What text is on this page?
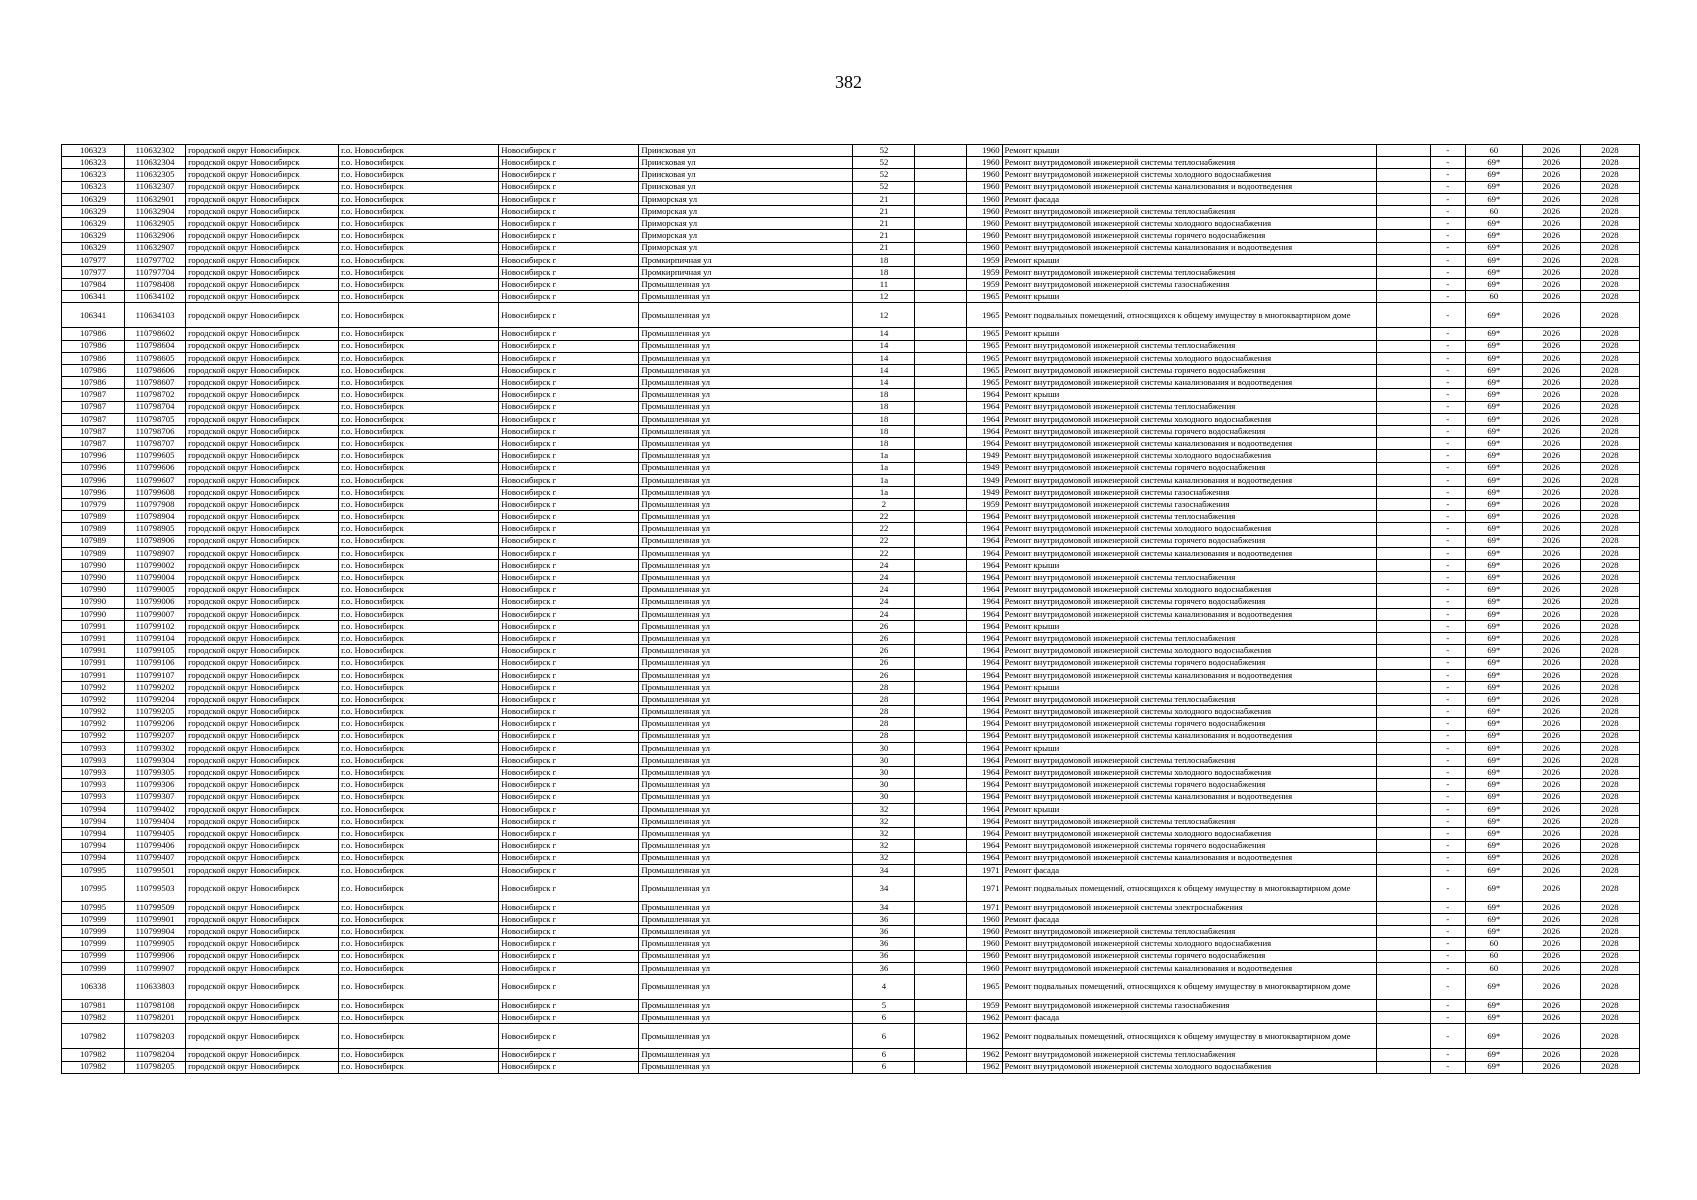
382
106323	110632302	городской округ Новосибирск	г.о. Новосибирск	Новосибирск г	Приисковая ул	52		1960	Ремонт крыши		-	60	2026	2028
106323	110632304	городской округ Новосибирск	г.о. Новосибирск	Новосибирск г	Приисковая ул	52		1960	Ремонт внутридомовой инженерной системы теплоснабжения		-	69*	2026	2028
106323	110632305	городской округ Новосибирск	г.о. Новосибирск	Новосибирск г	Приисковая ул	52		1960	Ремонт внутридомовой инженерной системы холодного водоснабжения		-	69*	2026	2028
106323	110632307	городской округ Новосибирск	г.о. Новосибирск	Новосибирск г	Приисковая ул	52		1960	Ремонт внутридомовой инженерной системы канализования и водоотведения		-	69*	2026	2028
106329	110632901	городской округ Новосибирск	г.о. Новосибирск	Новосибирск г	Приморская ул	21		1960	Ремонт фасада		-	69*	2026	2028
106329	110632904	городской округ Новосибирск	г.о. Новосибирск	Новосибирск г	Приморская ул	21		1960	Ремонт внутридомовой инженерной системы теплоснабжения		-	60	2026	2028
106329	110632905	городской округ Новосибирск	г.о. Новосибирск	Новосибирск г	Приморская ул	21		1960	Ремонт внутридомовой инженерной системы холодного водоснабжения		-	69*	2026	2028
106329	110632906	городской округ Новосибирск	г.о. Новосибирск	Новосибирск г	Приморская ул	21		1960	Ремонт внутридомовой инженерной системы горячего водоснабжения		-	69*	2026	2028
106329	110632907	городской округ Новосибирск	г.о. Новосибирск	Новосибирск г	Приморская ул	21		1960	Ремонт внутридомовой инженерной системы канализования и водоотведения		-	69*	2026	2028
107977	110797702	городской округ Новосибирск	г.о. Новосибирск	Новосибирск г	Промкирпичная ул	18		1959	Ремонт крыши		-	69*	2026	2028
107977	110797704	городской округ Новосибирск	г.о. Новосибирск	Новосибирск г	Промкирпичная ул	18		1959	Ремонт внутридомовой инженерной системы теплоснабжения		-	69*	2026	2028
107984	110798408	городской округ Новосибирск	г.о. Новосибирск	Новосибирск г	Промышленная ул	11		1959	Ремонт внутридомовой инженерной системы газоснабжения		-	69*	2026	2028
106341	110634102	городской округ Новосибирск	г.о. Новосибирск	Новосибирск г	Промышленная ул	12		1965	Ремонт крыши		-	60	2026	2028
106341	110634103	городской округ Новосибирск	г.о. Новосибирск	Новосибирск г	Промышленная ул	12		1965	Ремонт подвальных помещений, относящихся к общему имуществу в многоквартирном доме		-	69*	2026	2028
107986	110798602	городской округ Новосибирск	г.о. Новосибирск	Новосибирск г	Промышленная ул	14		1965	Ремонт крыши		-	69*	2026	2028
107986	110798604	городской округ Новосибирск	г.о. Новосибирск	Новосибирск г	Промышленная ул	14		1965	Ремонт внутридомовой инженерной системы теплоснабжения		-	69*	2026	2028
107986	110798605	городской округ Новосибирск	г.о. Новосибирск	Новосибирск г	Промышленная ул	14		1965	Ремонт внутридомовой инженерной системы холодного водоснабжения		-	69*	2026	2028
107986	110798606	городской округ Новосибирск	г.о. Новосибирск	Новосибирск г	Промышленная ул	14		1965	Ремонт внутридомовой инженерной системы горячего водоснабжения		-	69*	2026	2028
107986	110798607	городской округ Новосибирск	г.о. Новосибирск	Новосибирск г	Промышленная ул	14		1965	Ремонт внутридомовой инженерной системы канализования и водоотведения		-	69*	2026	2028
107987	110798702	городской округ Новосибирск	г.о. Новосибирск	Новосибирск г	Промышленная ул	18		1964	Ремонт крыши		-	69*	2026	2028
107987	110798704	городской округ Новосибирск	г.о. Новосибирск	Новосибирск г	Промышленная ул	18		1964	Ремонт внутридомовой инженерной системы теплоснабжения		-	69*	2026	2028
107987	110798705	городской округ Новосибирск	г.о. Новосибирск	Новосибирск г	Промышленная ул	18		1964	Ремонт внутридомовой инженерной системы холодного водоснабжения		-	69*	2026	2028
107987	110798706	городской округ Новосибирск	г.о. Новосибирск	Новосибирск г	Промышленная ул	18		1964	Ремонт внутридомовой инженерной системы горячего водоснабжения		-	69*	2026	2028
107987	110798707	городской округ Новосибирск	г.о. Новосибирск	Новосибирск г	Промышленная ул	18		1964	Ремонт внутридомовой инженерной системы канализования и водоотведения		-	69*	2026	2028
107996	110799605	городской округ Новосибирск	г.о. Новосибирск	Новосибирск г	Промышленная ул	1а		1949	Ремонт внутридомовой инженерной системы холодного водоснабжения		-	69*	2026	2028
107996	110799606	городской округ Новосибирск	г.о. Новосибирск	Новосибирск г	Промышленная ул	1а		1949	Ремонт внутридомовой инженерной системы горячего водоснабжения		-	69*	2026	2028
107996	110799607	городской округ Новосибирск	г.о. Новосибирск	Новосибирск г	Промышленная ул	1а		1949	Ремонт внутридомовой инженерной системы канализования и водоотведения		-	69*	2026	2028
107996	110799608	городской округ Новосибирск	г.о. Новосибирск	Новосибирск г	Промышленная ул	1а		1949	Ремонт внутридомовой инженерной системы газоснабжения		-	69*	2026	2028
107979	110797908	городской округ Новосибирск	г.о. Новосибирск	Новосибирск г	Промышленная ул	2		1959	Ремонт внутридомовой инженерной системы газоснабжения		-	69*	2026	2028
107989	110798904	городской округ Новосибирск	г.о. Новосибирск	Новосибирск г	Промышленная ул	22		1964	Ремонт внутридомовой инженерной системы теплоснабжения		-	69*	2026	2028
107989	110798905	городской округ Новосибирск	г.о. Новосибирск	Новосибирск г	Промышленная ул	22		1964	Ремонт внутридомовой инженерной системы холодного водоснабжения		-	69*	2026	2028
107989	110798906	городской округ Новосибирск	г.о. Новосибирск	Новосибирск г	Промышленная ул	22		1964	Ремонт внутридомовой инженерной системы горячего водоснабжения		-	69*	2026	2028
107989	110798907	городской округ Новосибирск	г.о. Новосибирск	Новосибирск г	Промышленная ул	22		1964	Ремонт внутридомовой инженерной системы канализования и водоотведения		-	69*	2026	2028
107990	110799002	городской округ Новосибирск	г.о. Новосибирск	Новосибирск г	Промышленная ул	24		1964	Ремонт крыши		-	69*	2026	2028
107990	110799004	городской округ Новосибирск	г.о. Новосибирск	Новосибирск г	Промышленная ул	24		1964	Ремонт внутридомовой инженерной системы теплоснабжения		-	69*	2026	2028
107990	110799005	городской округ Новосибирск	г.о. Новосибирск	Новосибирск г	Промышленная ул	24		1964	Ремонт внутридомовой инженерной системы холодного водоснабжения		-	69*	2026	2028
107990	110799006	городской округ Новосибирск	г.о. Новосибирск	Новосибирск г	Промышленная ул	24		1964	Ремонт внутридомовой инженерной системы горячего водоснабжения		-	69*	2026	2028
107990	110799007	городской округ Новосибирск	г.о. Новосибирск	Новосибирск г	Промышленная ул	24		1964	Ремонт внутридомовой инженерной системы канализования и водоотведения		-	69*	2026	2028
107991	110799102	городской округ Новосибирск	г.о. Новосибирск	Новосибирск г	Промышленная ул	26		1964	Ремонт крыши		-	69*	2026	2028
107991	110799104	городской округ Новосибирск	г.о. Новосибирск	Новосибирск г	Промышленная ул	26		1964	Ремонт внутридомовой инженерной системы теплоснабжения		-	69*	2026	2028
107991	110799105	городской округ Новосибирск	г.о. Новосибирск	Новосибирск г	Промышленная ул	26		1964	Ремонт внутридомовой инженерной системы холодного водоснабжения		-	69*	2026	2028
107991	110799106	городской округ Новосибирск	г.о. Новосибирск	Новосибирск г	Промышленная ул	26		1964	Ремонт внутридомовой инженерной системы горячего водоснабжения		-	69*	2026	2028
107991	110799107	городской округ Новосибирск	г.о. Новосибирск	Новосибирск г	Промышленная ул	26		1964	Ремонт внутридомовой инженерной системы канализования и водоотведения		-	69*	2026	2028
107992	110799202	городской округ Новосибирск	г.о. Новосибирск	Новосибирск г	Промышленная ул	28		1964	Ремонт крыши		-	69*	2026	2028
107992	110799204	городской округ Новосибирск	г.о. Новосибирск	Новосибирск г	Промышленная ул	28		1964	Ремонт внутридомовой инженерной системы теплоснабжения		-	69*	2026	2028
107992	110799205	городской округ Новосибирск	г.о. Новосибирск	Новосибирск г	Промышленная ул	28		1964	Ремонт внутридомовой инженерной системы холодного водоснабжения		-	69*	2026	2028
107992	110799206	городской округ Новосибирск	г.о. Новосибирск	Новосибирск г	Промышленная ул	28		1964	Ремонт внутридомовой инженерной системы горячего водоснабжения		-	69*	2026	2028
107992	110799207	городской округ Новосибирск	г.о. Новосибирск	Новосибирск г	Промышленная ул	28		1964	Ремонт внутридомовой инженерной системы канализования и водоотведения		-	69*	2026	2028
107993	110799302	городской округ Новосибирск	г.о. Новосибирск	Новосибирск г	Промышленная ул	30		1964	Ремонт крыши		-	69*	2026	2028
107993	110799304	городской округ Новосибирск	г.о. Новосибирск	Новосибирск г	Промышленная ул	30		1964	Ремонт внутридомовой инженерной системы теплоснабжения		-	69*	2026	2028
107993	110799305	городской округ Новосибирск	г.о. Новосибирск	Новосибирск г	Промышленная ул	30		1964	Ремонт внутридомовой инженерной системы холодного водоснабжения		-	69*	2026	2028
107993	110799306	городской округ Новосибирск	г.о. Новосибирск	Новосибирск г	Промышленная ул	30		1964	Ремонт внутридомовой инженерной системы горячего водоснабжения		-	69*	2026	2028
107993	110799307	городской округ Новосибирск	г.о. Новосибирск	Новосибирск г	Промышленная ул	30		1964	Ремонт внутридомовой инженерной системы канализования и водоотведения		-	69*	2026	2028
107994	110799402	городской округ Новосибирск	г.о. Новосибирск	Новосибирск г	Промышленная ул	32		1964	Ремонт крыши		-	69*	2026	2028
107994	110799404	городской округ Новосибирск	г.о. Новосибирск	Новосибирск г	Промышленная ул	32		1964	Ремонт внутридомовой инженерной системы теплоснабжения		-	69*	2026	2028
107994	110799405	городской округ Новосибирск	г.о. Новосибирск	Новосибирск г	Промышленная ул	32		1964	Ремонт внутридомовой инженерной системы холодного водоснабжения		-	69*	2026	2028
107994	110799406	городской округ Новосибирск	г.о. Новосибирск	Новосибирск г	Промышленная ул	32		1964	Ремонт внутридомовой инженерной системы горячего водоснабжения		-	69*	2026	2028
107994	110799407	городской округ Новосибирск	г.о. Новосибирск	Новосибирск г	Промышленная ул	32		1964	Ремонт внутридомовой инженерной системы канализования и водоотведения		-	69*	2026	2028
107995	110799501	городской округ Новосибирск	г.о. Новосибирск	Новосибирск г	Промышленная ул	34		1971	Ремонт фасада		-	69*	2026	2028
107995	110799503	городской округ Новосибирск	г.о. Новосибирск	Новосибирск г	Промышленная ул	34		1971	Ремонт подвальных помещений, относящихся к общему имуществу в многоквартирном доме		-	69*	2026	2028
107995	110799509	городской округ Новосибирск	г.о. Новосибирск	Новосибирск г	Промышленная ул	34		1971	Ремонт внутридомовой инженерной системы электроснабжения		-	69*	2026	2028
107999	110799901	городской округ Новосибирск	г.о. Новосибирск	Новосибирск г	Промышленная ул	36		1960	Ремонт фасада		-	69*	2026	2028
107999	110799904	городской округ Новосибирск	г.о. Новосибирск	Новосибирск г	Промышленная ул	36		1960	Ремонт внутридомовой инженерной системы теплоснабжения		-	69*	2026	2028
107999	110799905	городской округ Новосибирск	г.о. Новосибирск	Новосибирск г	Промышленная ул	36		1960	Ремонт внутридомовой инженерной системы холодного водоснабжения		-	60	2026	2028
107999	110799906	городской округ Новосибирск	г.о. Новосибирск	Новосибирск г	Промышленная ул	36		1960	Ремонт внутридомовой инженерной системы горячего водоснабжения		-	60	2026	2028
107999	110799907	городской округ Новосибирск	г.о. Новосибирск	Новосибирск г	Промышленная ул	36		1960	Ремонт внутридомовой инженерной системы канализования и водоотведения		-	60	2026	2028
106338	110633803	городской округ Новосибирск	г.о. Новосибирск	Новосибирск г	Промышленная ул	4		1965	Ремонт подвальных помещений, относящихся к общему имуществу в многоквартирном доме		-	69*	2026	2028
107981	110798108	городской округ Новосибирск	г.о. Новосибирск	Новосибирск г	Промышленная ул	5		1959	Ремонт внутридомовой инженерной системы газоснабжения		-	69*	2026	2028
107982	110798201	городской округ Новосибирск	г.о. Новосибирск	Новосибирск г	Промышленная ул	6		1962	Ремонт фасада		-	69*	2026	2028
107982	110798203	городской округ Новосибирск	г.о. Новосибирск	Новосибирск г	Промышленная ул	6		1962	Ремонт подвальных помещений, относящихся к общему имуществу в многоквартирном доме		-	69*	2026	2028
107982	110798204	городской округ Новосибирск	г.о. Новосибирск	Новосибирск г	Промышленная ул	6		1962	Ремонт внутридомовой инженерной системы теплоснабжения		-	69*	2026	2028
107982	110798205	городской округ Новосибирск	г.о. Новосибирск	Новосибирск г	Промышленная ул	6		1962	Ремонт внутридомовой инженерной системы холодного водоснабжения		-	69*	2026	2028
